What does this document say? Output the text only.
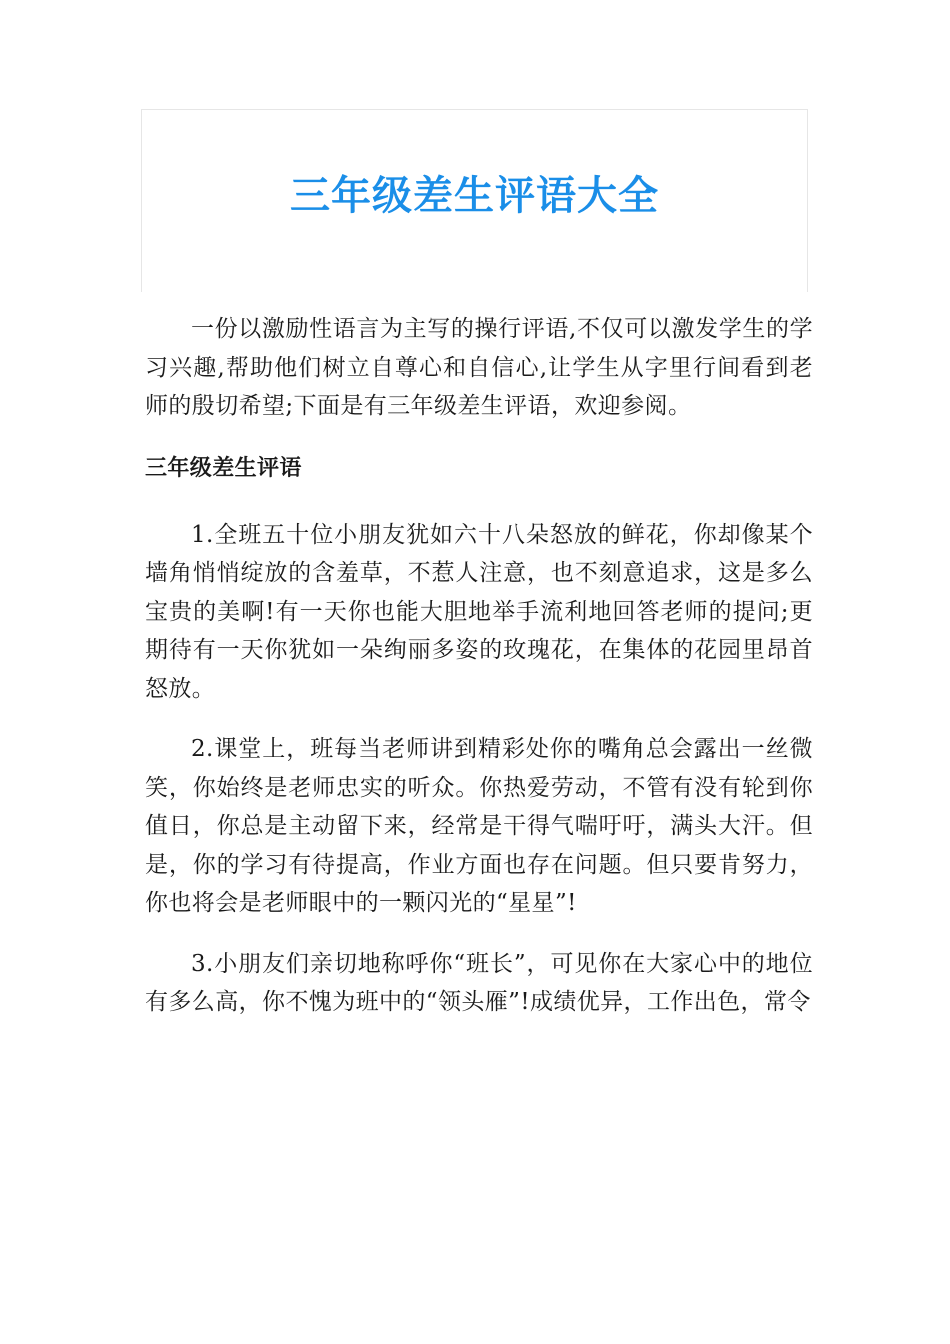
三年级差生评语大全

一份以激励性语言为主写的操行评语,不仅可以激发学生的学习兴趣,帮助他们树立自尊心和自信心,让学生从字里行间看到老师的殷切希望;下面是有三年级差生评语，欢迎参阅。

三年级差生评语

1.全班五十位小朋友犹如六十八朵怒放的鲜花，你却像某个墙角悄悄绽放的含羞草，不惹人注意，也不刻意追求，这是多么宝贵的美啊!有一天你也能大胆地举手流利地回答老师的提问;更期待有一天你犹如一朵绚丽多姿的玫瑰花，在集体的花园里昂首怒放。

2.课堂上，班每当老师讲到精彩处你的嘴角总会露出一丝微笑，你始终是老师忠实的听众。你热爱劳动，不管有没有轮到你值日，你总是主动留下来，经常是干得气喘吁吁，满头大汗。但是，你的学习有待提高，作业方面也存在问题。但只要肯努力，你也将会是老师眼中的一颗闪光的“星星”!

3.小朋友们亲切地称呼你“班长”，可见你在大家心中的地位有多么高，你不愧为班中的“领头雁”!成绩优异，工作出色，常令
